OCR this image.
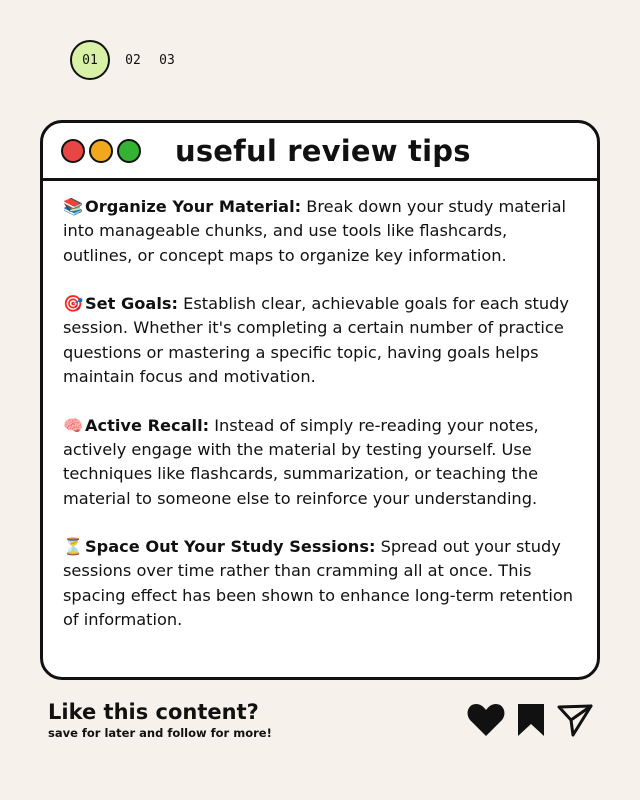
01 02 03
useful review tips

📚 Organize Your Material: Break down your study material into manageable chunks, and use tools like flashcards, outlines, or concept maps to organize key information.

🎯 Set Goals: Establish clear, achievable goals for each study session. Whether it's completing a certain number of practice questions or mastering a specific topic, having goals helps maintain focus and motivation.

🧠 Active Recall: Instead of simply re-reading your notes, actively engage with the material by testing yourself. Use techniques like flashcards, summarization, or teaching the material to someone else to reinforce your understanding.

⏳ Space Out Your Study Sessions: Spread out your study sessions over time rather than cramming all at once. This spacing effect has been shown to enhance long-term retention of information.

Like this content?
save for later and follow for more!
